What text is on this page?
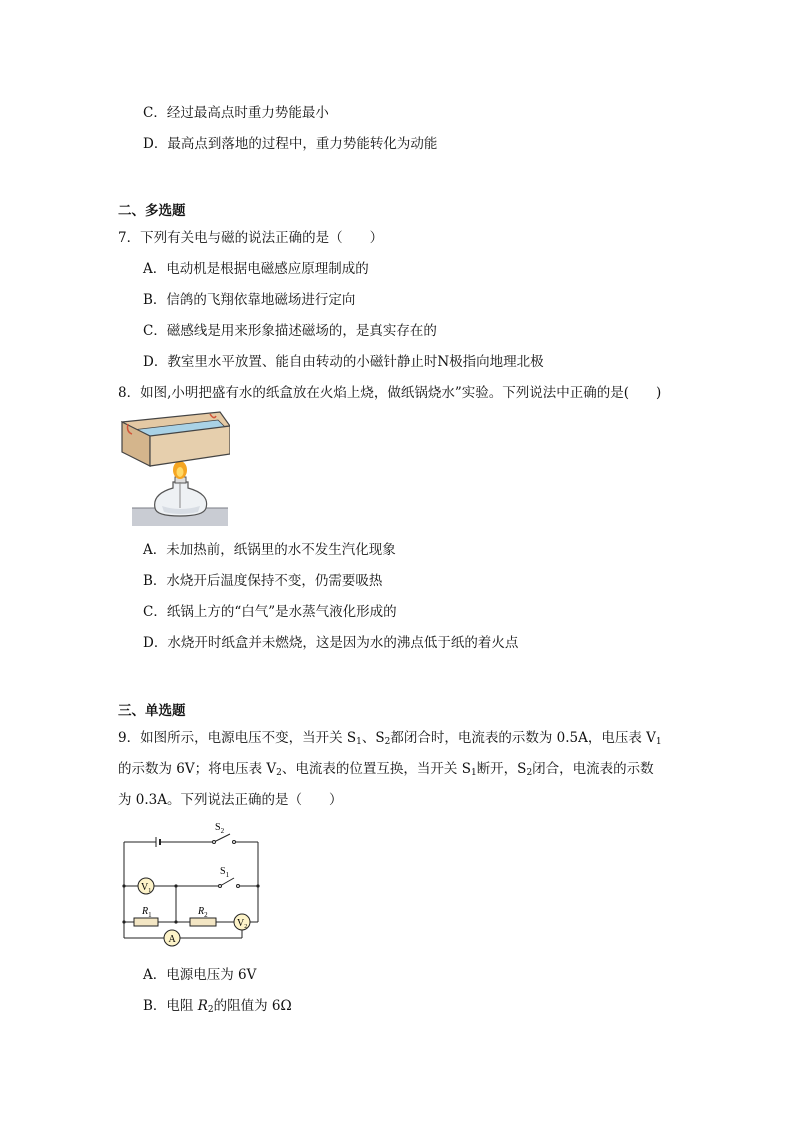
C．经过最高点时重力势能最小
D．最高点到落地的过程中，重力势能转化为动能
二、多选题
7．下列有关电与磁的说法正确的是（　　）
A．电动机是根据电磁感应原理制成的
B．信鸽的飞翔依靠地磁场进行定向
C．磁感线是用来形象描述磁场的，是真实存在的
D．教室里水平放置、能自由转动的小磁针静止时N极指向地理北极
8．如图,小明把盛有水的纸盒放在火焰上烧，做纸锅烧水”实验。下列说法中正确的是(　　)
A．未加热前，纸锅里的水不发生汽化现象
B．水烧开后温度保持不变，仍需要吸热
C．纸锅上方的“白气”是水蒸气液化形成的
D．水烧开时纸盒并未燃烧，这是因为水的沸点低于纸的着火点
三、单选题
9．如图所示，电源电压不变，当开关 $S_1$、$S_2$都闭合时，电流表的示数为 0.5A，电压表 $V_1$
的示数为 6V；将电压表 $V_2$、电流表的位置互换，当开关 $S_1$断开，$S_2$闭合，电流表的示数
为 0.3A。下列说法正确的是（　　）
$S_2$
$S_1$
$R_1$	$R_2$
$V_1$
$V_2$
A
A．电源电压为 6V
B．电阻 $R_2$的阻值为 6Ω
